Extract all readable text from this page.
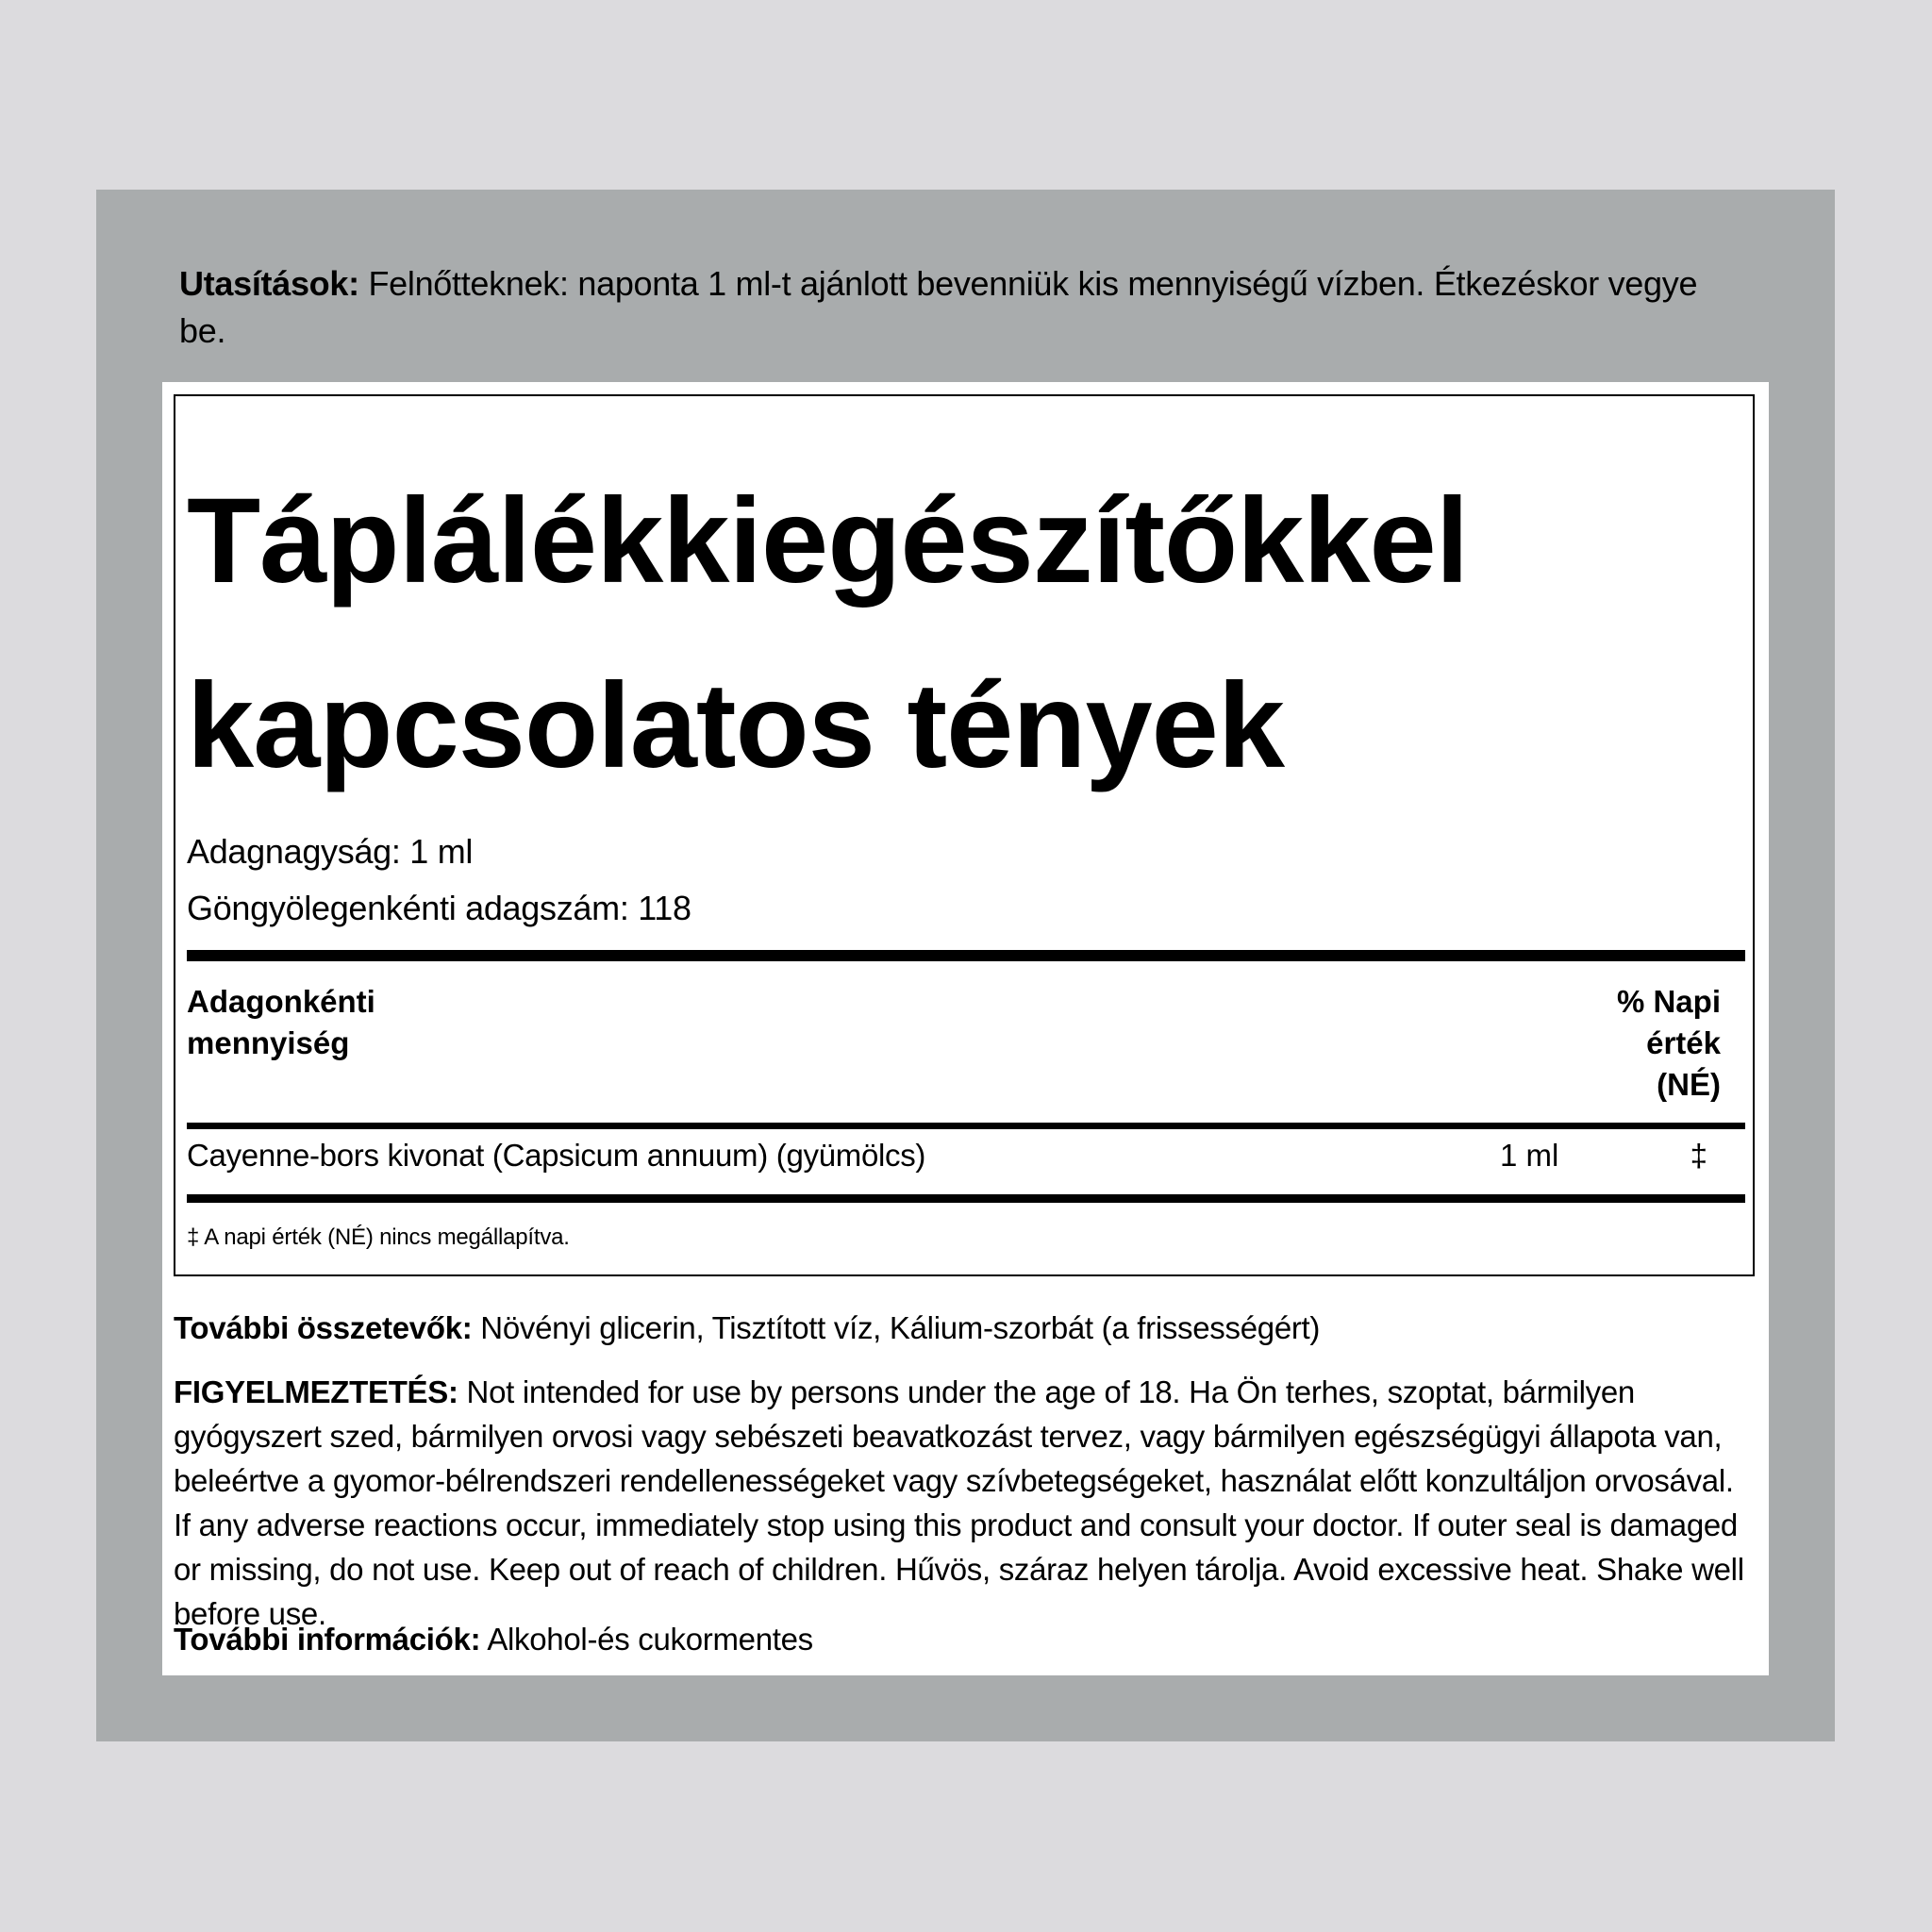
Utasítások: Felnőtteknek: naponta 1 ml-t ajánlott bevenniük kis mennyiségű vízben. Étkezéskor vegye be.
Táplálékkiegészítőkkel
kapcsolatos tények
Adagnagyság: 1 ml
Göngyölegenkénti adagszám: 118
Adagonkénti
mennyiség
% Napi
érték
(NÉ)
Cayenne-bors kivonat (Capsicum annuum) (gyümölcs)	1 ml	‡
‡ A napi érték (NÉ) nincs megállapítva.
További összetevők: Növényi glicerin, Tisztított víz, Kálium-szorbát (a frissességért)
FIGYELMEZTETÉS: Not intended for use by persons under the age of 18. Ha Ön terhes, szoptat, bármilyen gyógyszert szed, bármilyen orvosi vagy sebészeti beavatkozást tervez, vagy bármilyen egészségügyi állapota van, beleértve a gyomor-bélrendszeri rendellenességeket vagy szívbetegségeket, használat előtt konzultáljon orvosával. If any adverse reactions occur, immediately stop using this product and consult your doctor. If outer seal is damaged or missing, do not use. Keep out of reach of children. Hűvös, száraz helyen tárolja. Avoid excessive heat. Shake well before use.
További információk: Alkohol-és cukormentes
